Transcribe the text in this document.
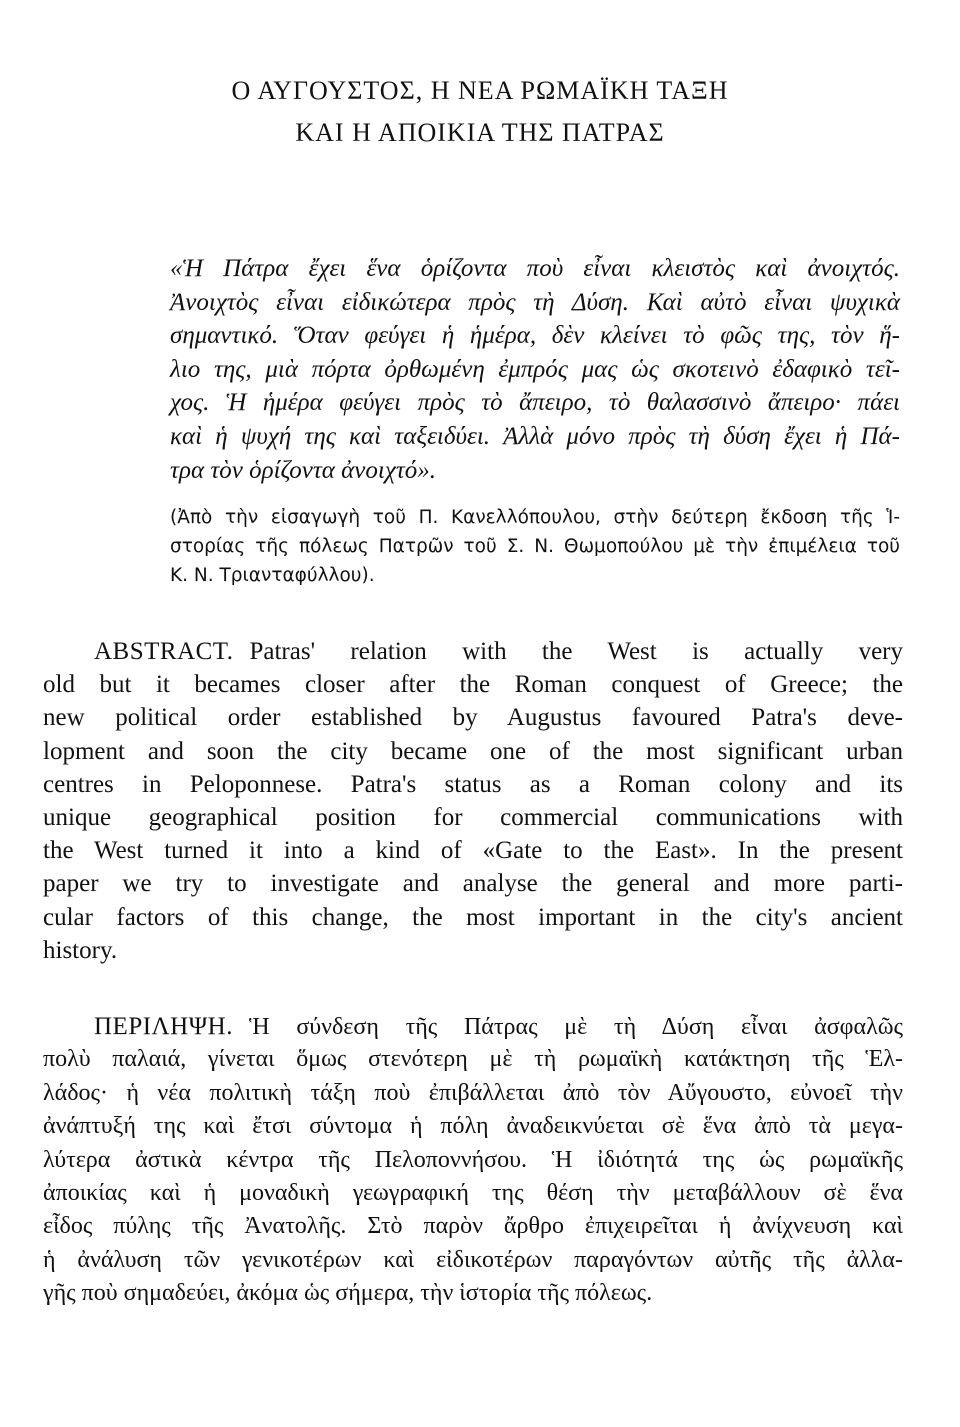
Ο ΑΥΓΟΥΣΤΟΣ, Η ΝΕΑ ΡΩΜΑΪΚΗ ΤΑΞΗ
ΚΑΙ Η ΑΠΟΙΚΙΑ ΤΗΣ ΠΑΤΡΑΣ
«Ἡ Πάτρα ἔχει ἕνα ὁρίζοντα ποὺ εἶναι κλειστὸς καὶ ἀνοιχτός.
Ἀνοιχτὸς εἶναι εἰδικώτερα πρὸς τὴ Δύση. Καὶ αὐτὸ εἶναι ψυχικὰ
σημαντικό. Ὅταν φεύγει ἡ ἡμέρα, δὲν κλείνει τὸ φῶς της, τὸν ἥ-
λιο της, μιὰ πόρτα ὀρθωμένη ἐμπρός μας ὡς σκοτεινὸ ἐδαφικὸ τεῖ-
χος. Ἡ ἡμέρα φεύγει πρὸς τὸ ἄπειρο, τὸ θαλασσινὸ ἄπειρο· πάει
καὶ ἡ ψυχή της καὶ ταξειδύει. Ἀλλὰ μόνο πρὸς τὴ δύση ἔχει ἡ Πά-
τρα τὸν ὁρίζοντα ἀνοιχτό».
(Ἀπὸ τὴν εἰσαγωγὴ τοῦ Π. Κανελλόπουλου, στὴν δεύτερη ἔκδοση τῆς Ἱ-
στορίας τῆς πόλεως Πατρῶν τοῦ Σ. Ν. Θωμοπούλου μὲ τὴν ἐπιμέλεια τοῦ
Κ. Ν. Τριανταφύλλου).
ABSTRACT. Patras' relation with the West is actually very
old but it becames closer after the Roman conquest of Greece; the
new political order established by Augustus favoured Patra's deve-
lopment and soon the city became one of the most significant urban
centres in Peloponnese. Patra's status as a Roman colony and its
unique geographical position for commercial communications with
the West turned it into a kind of «Gate to the East». In the present
paper we try to investigate and analyse the general and more parti-
cular factors of this change, the most important in the city's ancient
history.
ΠΕΡΙΛΗΨΗ. Ἡ σύνδεση τῆς Πάτρας μὲ τὴ Δύση εἶναι ἀσφαλῶς
πολὺ παλαιά, γίνεται ὅμως στενότερη μὲ τὴ ρωμαϊκὴ κατάκτηση τῆς Ἑλ-
λάδος· ἡ νέα πολιτικὴ τάξη ποὺ ἐπιβάλλεται ἀπὸ τὸν Αὔγουστο, εὐνοεῖ τὴν
ἀνάπτυξή της καὶ ἔτσι σύντομα ἡ πόλη ἀναδεικνύεται σὲ ἕνα ἀπὸ τὰ μεγα-
λύτερα ἀστικὰ κέντρα τῆς Πελοποννήσου. Ἡ ἰδιότητά της ὡς ρωμαϊκῆς
ἀποικίας καὶ ἡ μοναδικὴ γεωγραφική της θέση τὴν μεταβάλλουν σὲ ἕνα
εἶδος πύλης τῆς Ἀνατολῆς. Στὸ παρὸν ἄρθρο ἐπιχειρεῖται ἡ ἀνίχνευση καὶ
ἡ ἀνάλυση τῶν γενικοτέρων καὶ εἰδικοτέρων παραγόντων αὐτῆς τῆς ἀλλα-
γῆς ποὺ σημαδεύει, ἀκόμα ὡς σήμερα, τὴν ἱστορία τῆς πόλεως.
